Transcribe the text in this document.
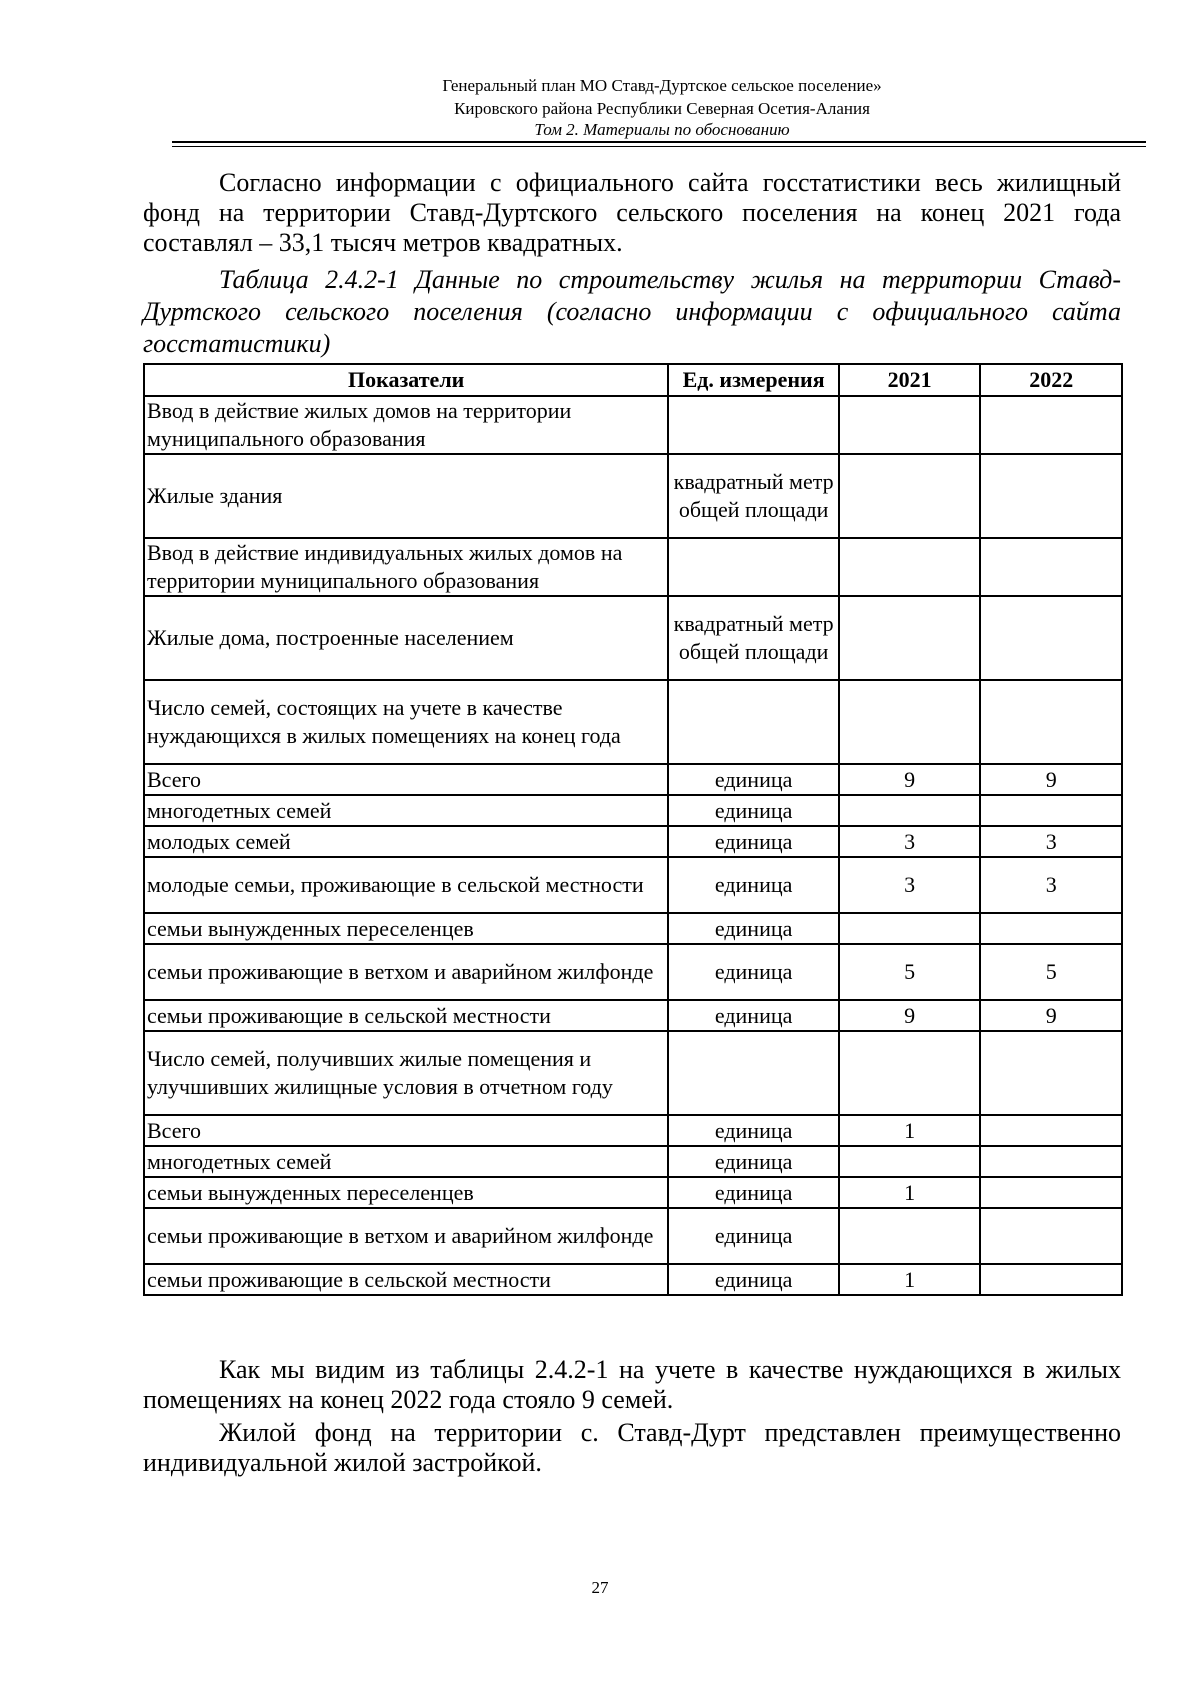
Генеральный план МО Ставд-Дуртское сельское поселение»
Кировского района Республики Северная Осетия-Алания
Том 2. Материалы по обоснованию

Согласно информации с официального сайта госстатистики весь жилищный фонд на территории Ставд-Дуртского сельского поселения на конец 2021 года составлял – 33,1 тысяч метров квадратных.

Таблица 2.4.2-1 Данные по строительству жилья на территории Ставд-Дуртского сельского поселения (согласно информации с официального сайта госстатистики)

Показатели	Ед. измерения	2021	2022
Ввод в действие жилых домов на территории муниципального образования			
Жилые здания	квадратный метр общей площади		
Ввод в действие индивидуальных жилых домов на территории муниципального образования			
Жилые дома, построенные населением	квадратный метр общей площади		
Число семей, состоящих на учете в качестве нуждающихся в жилых помещениях на конец года			
Всего	единица	9	9
многодетных семей	единица		
молодых семей	единица	3	3
молодые семьи, проживающие в сельской местности	единица	3	3
семьи вынужденных переселенцев	единица		
семьи проживающие в ветхом и аварийном жилфонде	единица	5	5
семьи проживающие в сельской местности	единица	9	9
Число семей, получивших жилые помещения и улучшивших жилищные условия в отчетном году			
Всего	единица	1	
многодетных семей	единица		
семьи вынужденных переселенцев	единица	1	
семьи проживающие в ветхом и аварийном жилфонде	единица		
семьи проживающие в сельской местности	единица	1	

Как мы видим из таблицы 2.4.2-1 на учете в качестве нуждающихся в жилых помещениях на конец 2022 года стояло 9 семей.

Жилой фонд на территории с. Ставд-Дурт представлен преимущественно индивидуальной жилой застройкой.

27
